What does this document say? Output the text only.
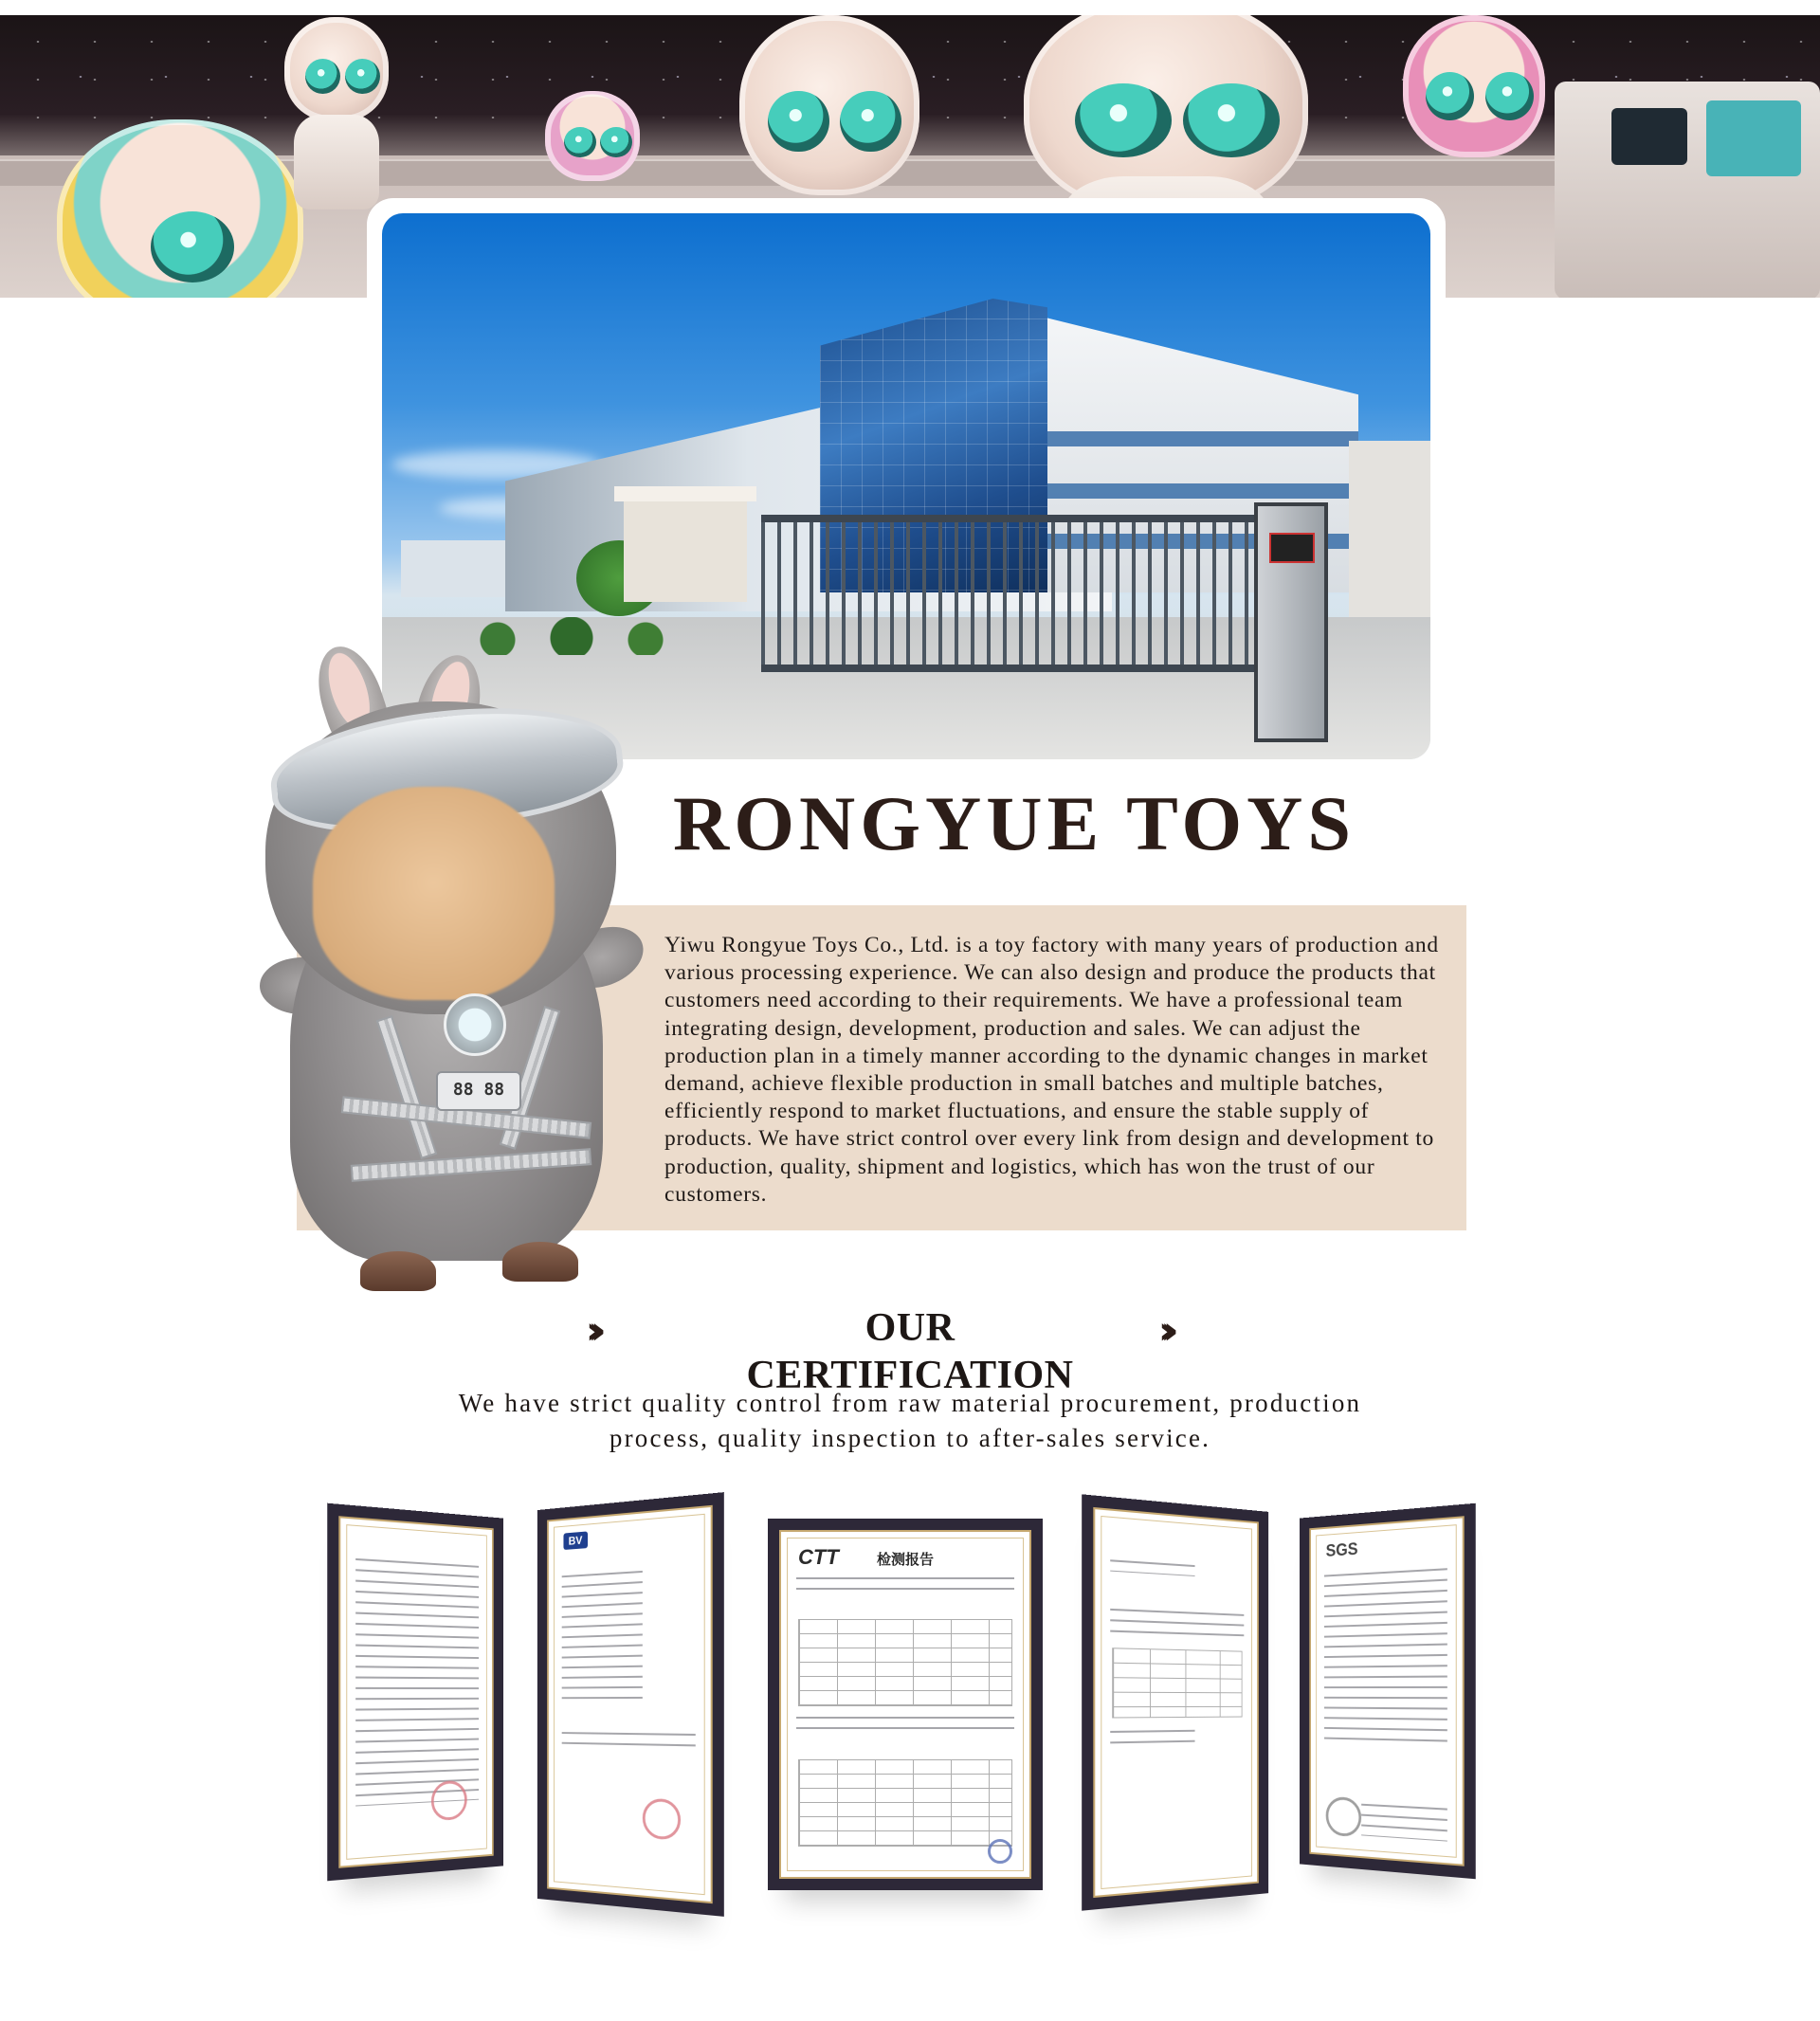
88 88
RONGYUE TOYS

Yiwu Rongyue Toys Co., Ltd. is a toy factory with many years of production and various processing experience. We can also design and produce the products that customers need according to their requirements. We have a professional team integrating design, development, production and sales. We can adjust the production plan in a timely manner according to the dynamic changes in market demand, achieve flexible production in small batches and multiple batches, efficiently respond to market fluctuations, and ensure the stable supply of products. We have strict control over every link from design and development to production, quality, shipment and logistics, which has won the trust of our customers.

›››	OUR CERTIFICATION
›››

We have strict quality control from raw material procurement, production process, quality inspection to after-sales service.

BV
CTT	检测报告	SGS
